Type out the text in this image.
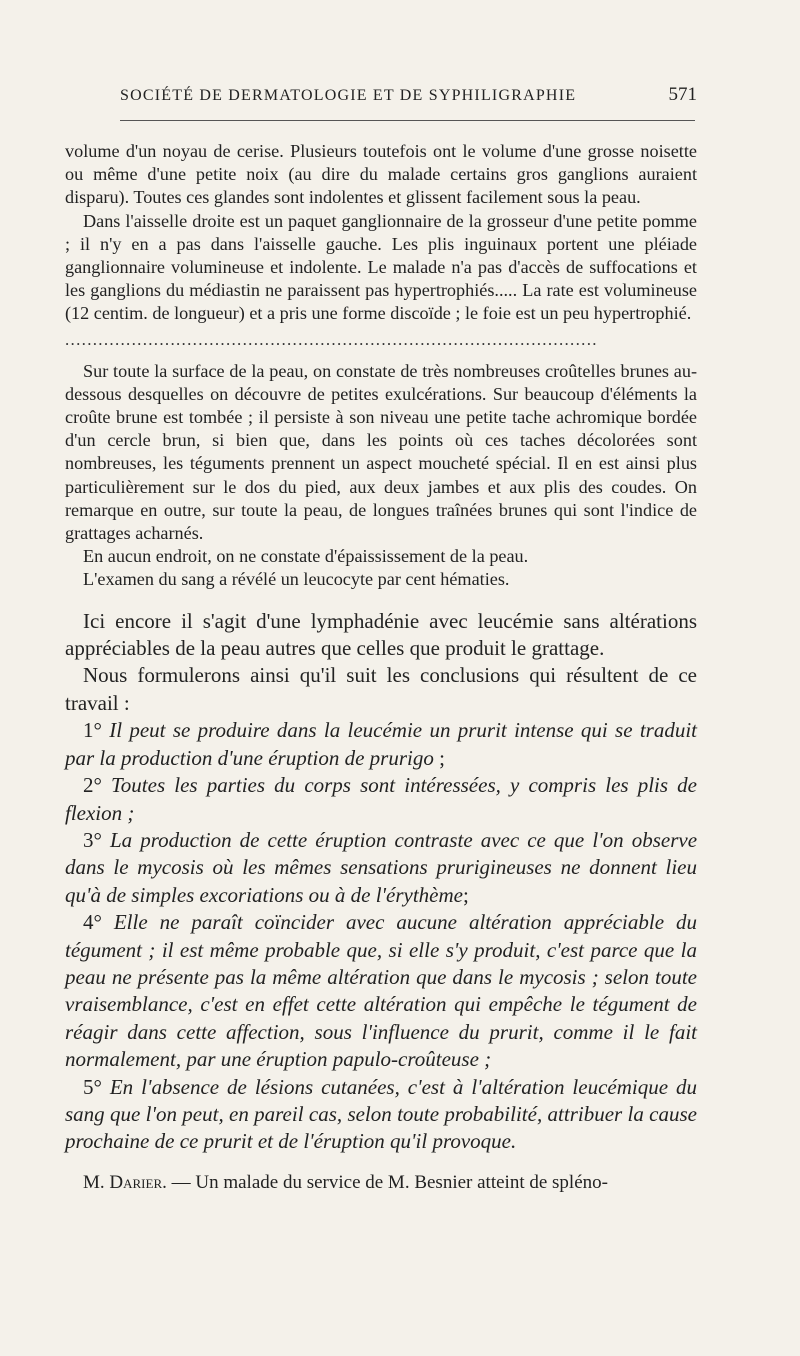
SOCIÉTÉ DE DERMATOLOGIE ET DE SYPHILIGRAPHIE	571

volume d'un noyau de cerise. Plusieurs toutefois ont le volume d'une grosse noisette ou même d'une petite noix (au dire du malade certains gros ganglions auraient disparu). Toutes ces glandes sont indolentes et glissent facilement sous la peau.

Dans l'aisselle droite est un paquet ganglionnaire de la grosseur d'une petite pomme ; il n'y en a pas dans l'aisselle gauche. Les plis inguinaux portent une pléiade ganglionnaire volumineuse et indolente. Le malade n'a pas d'accès de suffocations et les ganglions du médiastin ne paraissent pas hypertrophiés..... La rate est volumineuse (12 centim. de longueur) et a pris une forme discoïde ; le foie est un peu hypertrophié.

................................................................................................

Sur toute la surface de la peau, on constate de très nombreuses croûtelles brunes au-dessous desquelles on découvre de petites exulcérations. Sur beaucoup d'éléments la croûte brune est tombée ; il persiste à son niveau une petite tache achromique bordée d'un cercle brun, si bien que, dans les points où ces taches décolorées sont nombreuses, les téguments prennent un aspect moucheté spécial. Il en est ainsi plus particulièrement sur le dos du pied, aux deux jambes et aux plis des coudes. On remarque en outre, sur toute la peau, de longues traînées brunes qui sont l'indice de grattages acharnés.

En aucun endroit, on ne constate d'épaississement de la peau.

L'examen du sang a révélé un leucocyte par cent hématies.

Ici encore il s'agit d'une lymphadénie avec leucémie sans altérations appréciables de la peau autres que celles que produit le grattage.

Nous formulerons ainsi qu'il suit les conclusions qui résultent de ce travail :

1° Il peut se produire dans la leucémie un prurit intense qui se traduit par la production d'une éruption de prurigo ;

2° Toutes les parties du corps sont intéressées, y compris les plis de flexion ;

3° La production de cette éruption contraste avec ce que l'on observe dans le mycosis où les mêmes sensations prurigineuses ne donnent lieu qu'à de simples excoriations ou à de l'érythème;

4° Elle ne paraît coïncider avec aucune altération appréciable du tégument ; il est même probable que, si elle s'y produit, c'est parce que la peau ne présente pas la même altération que dans le mycosis ; selon toute vraisemblance, c'est en effet cette altération qui empêche le tégument de réagir dans cette affection, sous l'influence du prurit, comme il le fait normalement, par une éruption papulo-croûteuse ;

5° En l'absence de lésions cutanées, c'est à l'altération leucémique du sang que l'on peut, en pareil cas, selon toute probabilité, attribuer la cause prochaine de ce prurit et de l'éruption qu'il provoque.

M. Darier. — Un malade du service de M. Besnier atteint de spléno-
